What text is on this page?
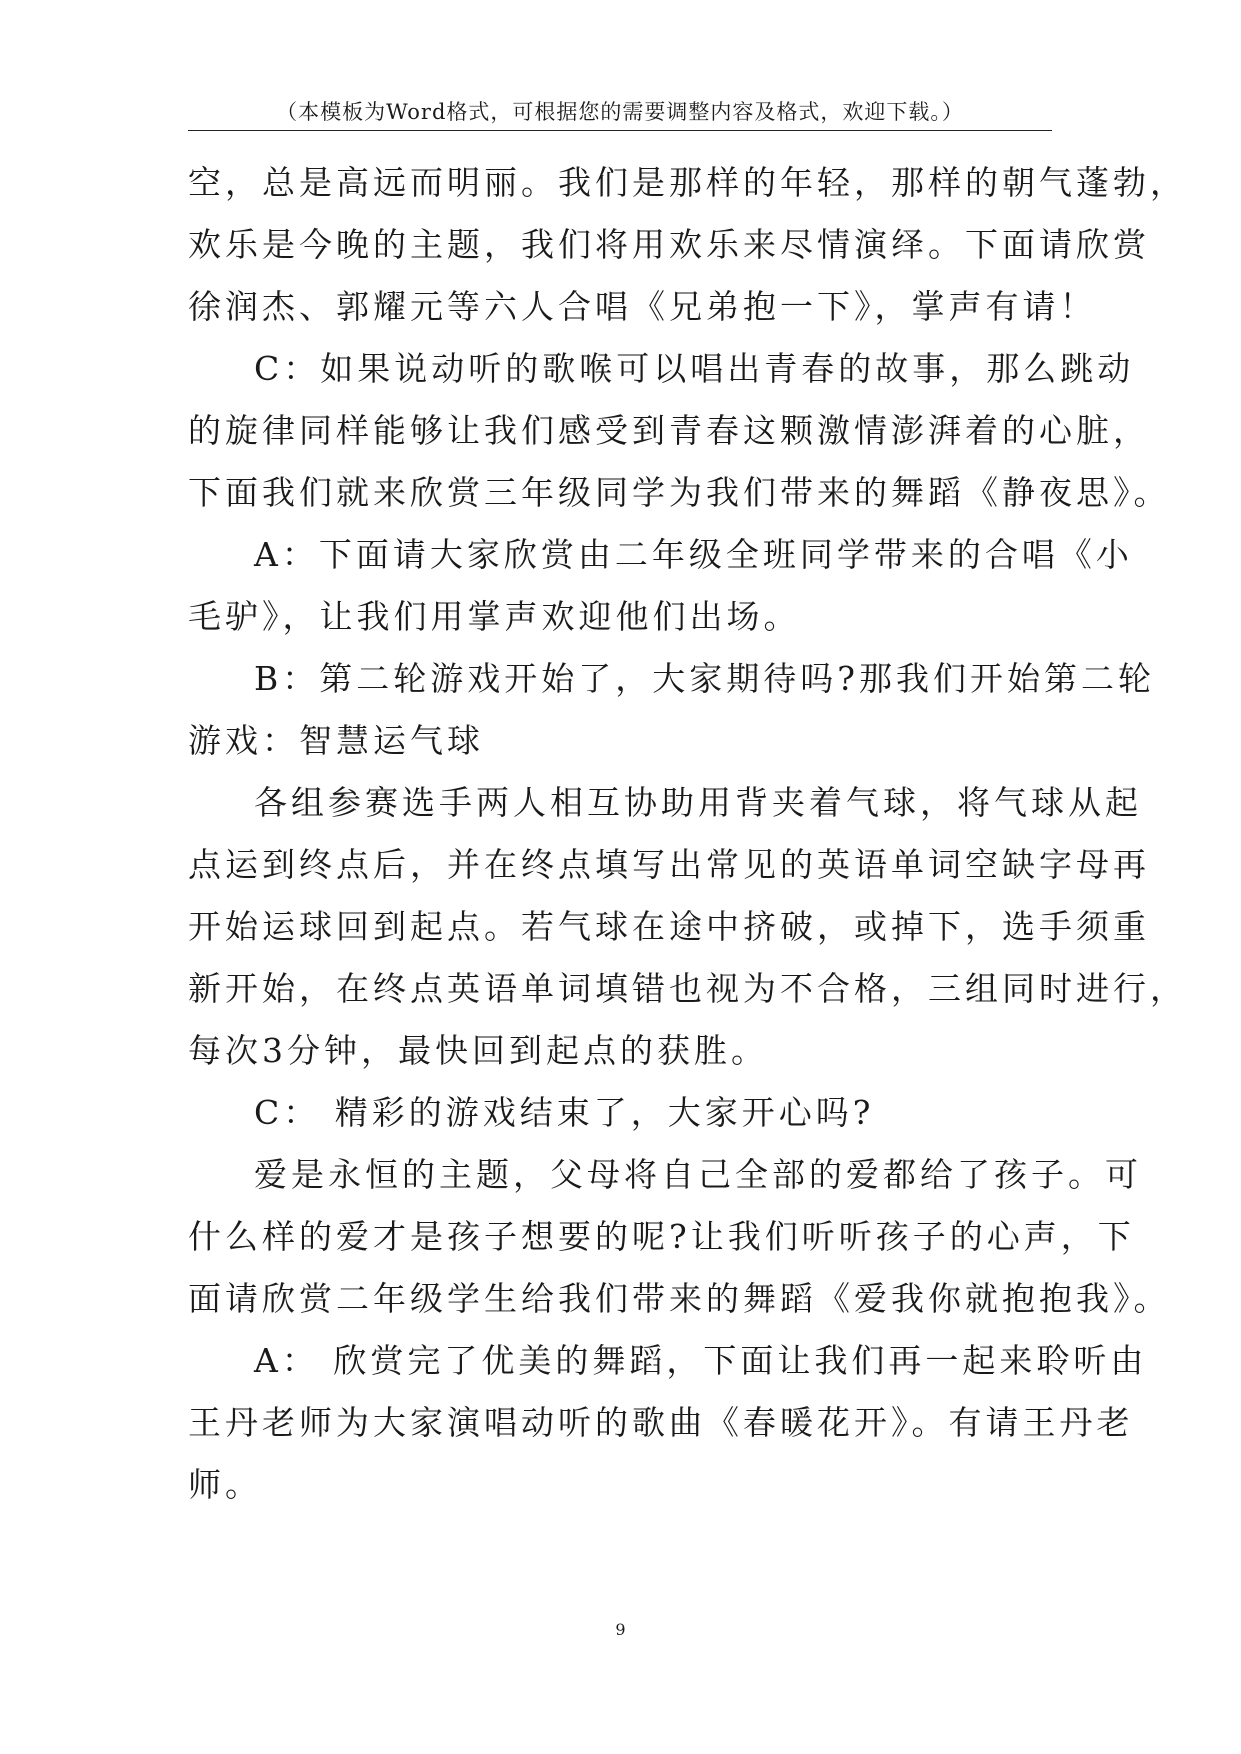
（本模板为Word格式，可根据您的需要调整内容及格式，欢迎下载。）
空，总是高远而明丽。我们是那样的年轻，那样的朝气蓬勃，
欢乐是今晚的主题，我们将用欢乐来尽情演绎。下面请欣赏
徐润杰、郭耀元等六人合唱《兄弟抱一下》，掌声有请！
C：如果说动听的歌喉可以唱出青春的故事，那么跳动
的旋律同样能够让我们感受到青春这颗激情澎湃着的心脏，
下面我们就来欣赏三年级同学为我们带来的舞蹈《静夜思》。
A：下面请大家欣赏由二年级全班同学带来的合唱《小
毛驴》，让我们用掌声欢迎他们出场。
B：第二轮游戏开始了，大家期待吗?那我们开始第二轮
游戏：智慧运气球
各组参赛选手两人相互协助用背夹着气球，将气球从起
点运到终点后，并在终点填写出常见的英语单词空缺字母再
开始运球回到起点。若气球在途中挤破，或掉下，选手须重
新开始，在终点英语单词填错也视为不合格，三组同时进行，
每次3分钟，最快回到起点的获胜。
C： 精彩的游戏结束了，大家开心吗?
爱是永恒的主题，父母将自己全部的爱都给了孩子。可
什么样的爱才是孩子想要的呢?让我们听听孩子的心声，下
面请欣赏二年级学生给我们带来的舞蹈《爱我你就抱抱我》。
A： 欣赏完了优美的舞蹈，下面让我们再一起来聆听由
王丹老师为大家演唱动听的歌曲《春暖花开》。有请王丹老
师。
9
